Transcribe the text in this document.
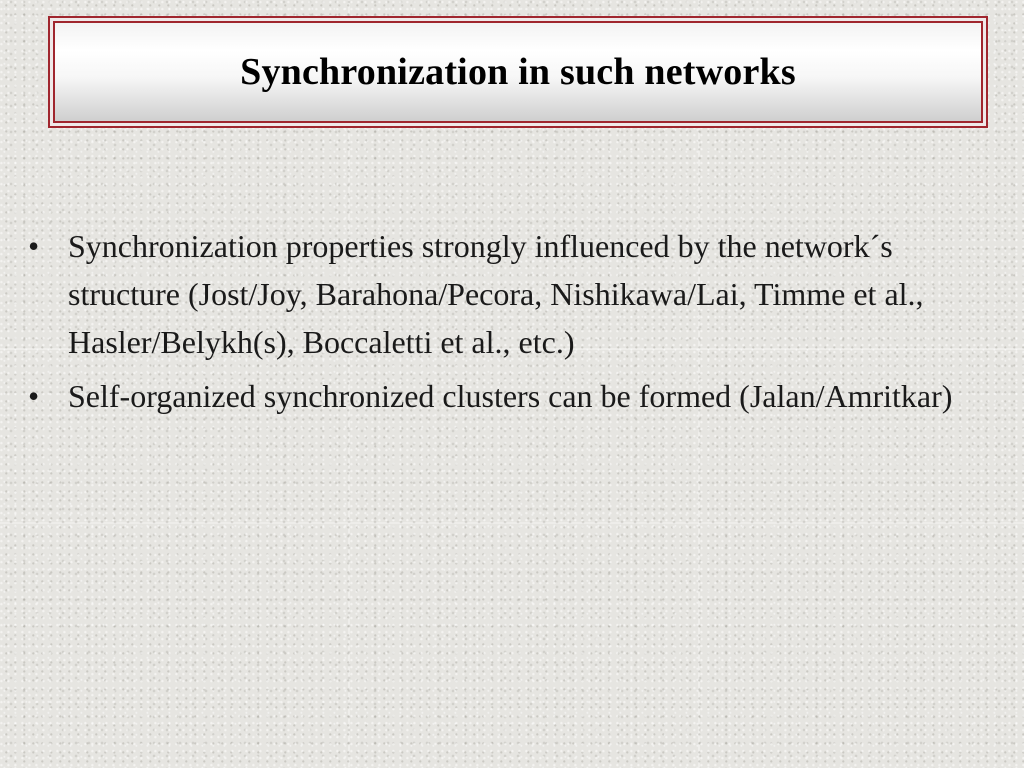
Synchronization in such networks
• Synchronization properties strongly influenced by the network´s structure (Jost/Joy, Barahona/Pecora, Nishikawa/Lai, Timme et al., Hasler/Belykh(s), Boccaletti et al., etc.)
• Self-organized synchronized clusters can be formed (Jalan/Amritkar)
